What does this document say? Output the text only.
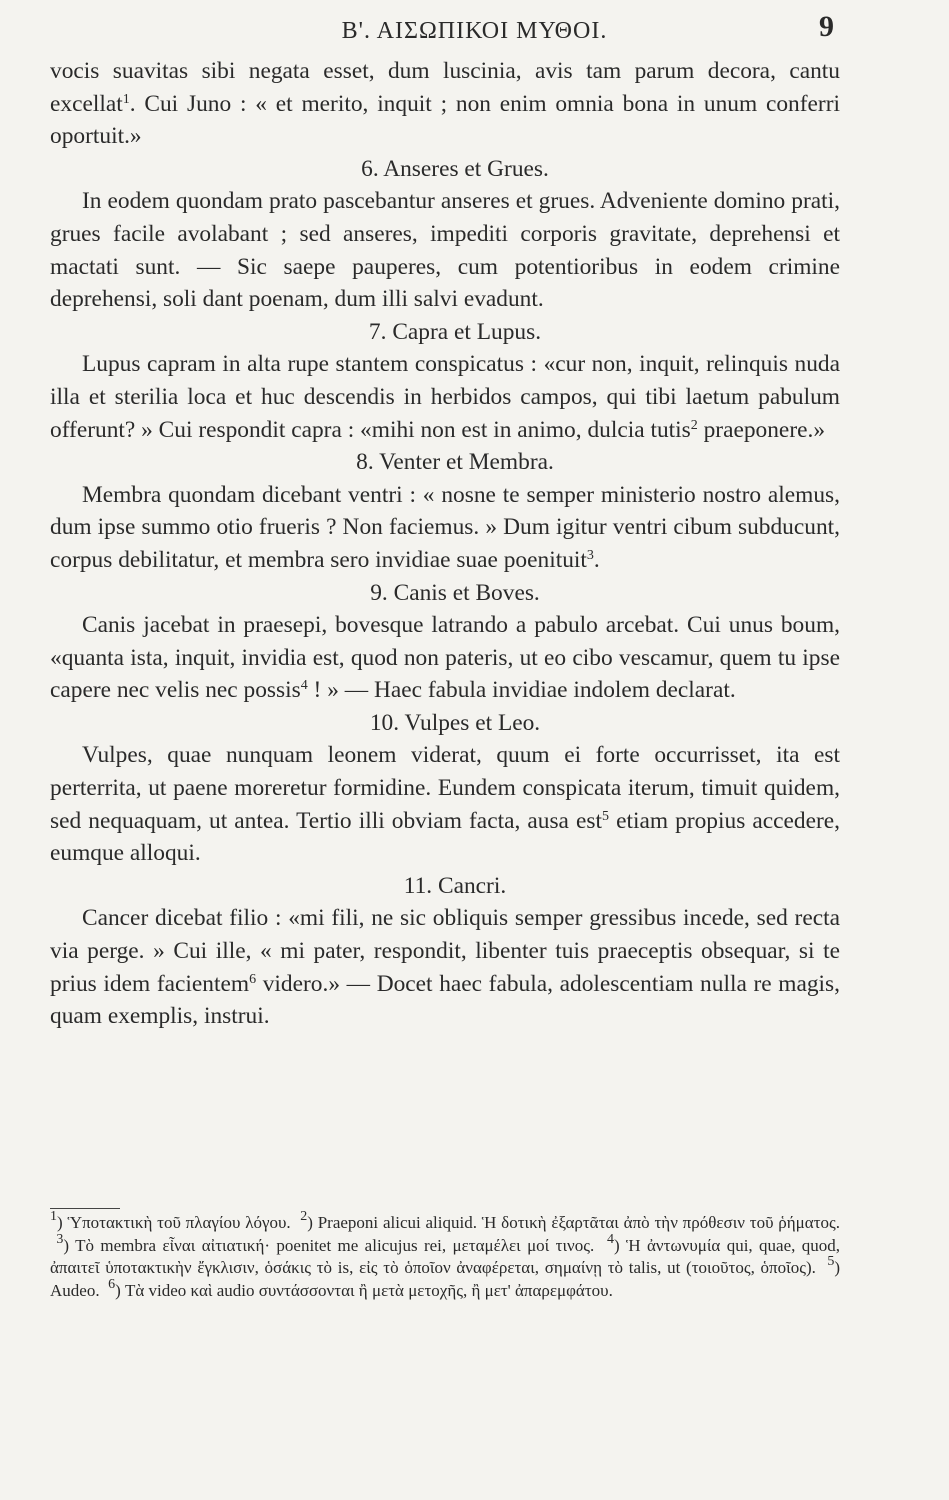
Β'. ΑΙΣΩΠΙΚΟΙ ΜΥΘΟΙ.	9

vocis suavitas sibi negata esset, dum luscinia, avis tam parum decora, cantu excellat$^1$. Cui Juno : « et merito, inquit ; non enim omnia bona in unum conferri oportuit.»

6. Anseres et Grues.

In eodem quondam prato pascebantur anseres et grues. Adveniente domino prati, grues facile avolabant ; sed anseres, impediti corporis gravitate, deprehensi et mactati sunt. — Sic saepe pauperes, cum potentioribus in eodem crimine deprehensi, soli dant poenam, dum illi salvi evadunt.

7. Capra et Lupus.

Lupus capram in alta rupe stantem conspicatus : «cur non, inquit, relinquis nuda illa et sterilia loca et huc descendis in herbidos campos, qui tibi laetum pabulum offerunt? » Cui respondit capra : «mihi non est in animo, dulcia tutis$^2$ praeponere.»

8. Venter et Membra.

Membra quondam dicebant ventri : « nosne te semper ministerio nostro alemus, dum ipse summo otio frueris ? Non faciemus. » Dum igitur ventri cibum subducunt, corpus debilitatur, et membra sero invidiae suae poenituit$^3$.

9. Canis et Boves.

Canis jacebat in praesepi, bovesque latrando a pabulo arcebat. Cui unus boum, «quanta ista, inquit, invidia est, quod non pateris, ut eo cibo vescamur, quem tu ipse capere nec velis nec possis$^4$ ! » — Haec fabula invidiae indolem declarat.

10. Vulpes et Leo.

Vulpes, quae nunquam leonem viderat, quum ei forte occurrisset, ita est perterrita, ut paene moreretur formidine. Eundem conspicata iterum, timuit quidem, sed nequaquam, ut antea. Tertio illi obviam facta, ausa est$^5$ etiam propius accedere, eumque alloqui.

11. Cancri.

Cancer dicebat filio : «mi fili, ne sic obliquis semper gressibus incede, sed recta via perge. » Cui ille, « mi pater, respondit, libenter tuis praeceptis obsequar, si te prius idem facientem$^6$ videro.» — Docet haec fabula, adolescentiam nulla re magis, quam exemplis, instrui.

$^1$) Ὑποτακτικὴ τοῦ πλαγίου λόγου. $^2$) Praeponi alicui aliquid. Ἡ δοτικὴ ἐξαρτᾶται ἀπὸ τὴν πρόθεσιν τοῦ ῥήματος.  $^3$) Τὸ membra εἶναι αἰτιατική· poenitet me alicujus rei, μεταμέλει μοί τινος. $^4$) Ἡ ἀντωνυμία qui, quae, quod, ἀπαιτεῖ ὑποτακτικὴν ἔγκλισιν, ὁσάκις τὸ is, εἰς τὸ ὁποῖον ἀναφέρεται, σημαίνῃ τὸ talis, ut (τοιοῦτος, ὁποῖος). $^5$) Audeo. $^6$) Τὰ video καὶ audio συντάσσονται ἢ μετὰ μετοχῆς, ἢ μετ' ἀπαρεμφάτου.
